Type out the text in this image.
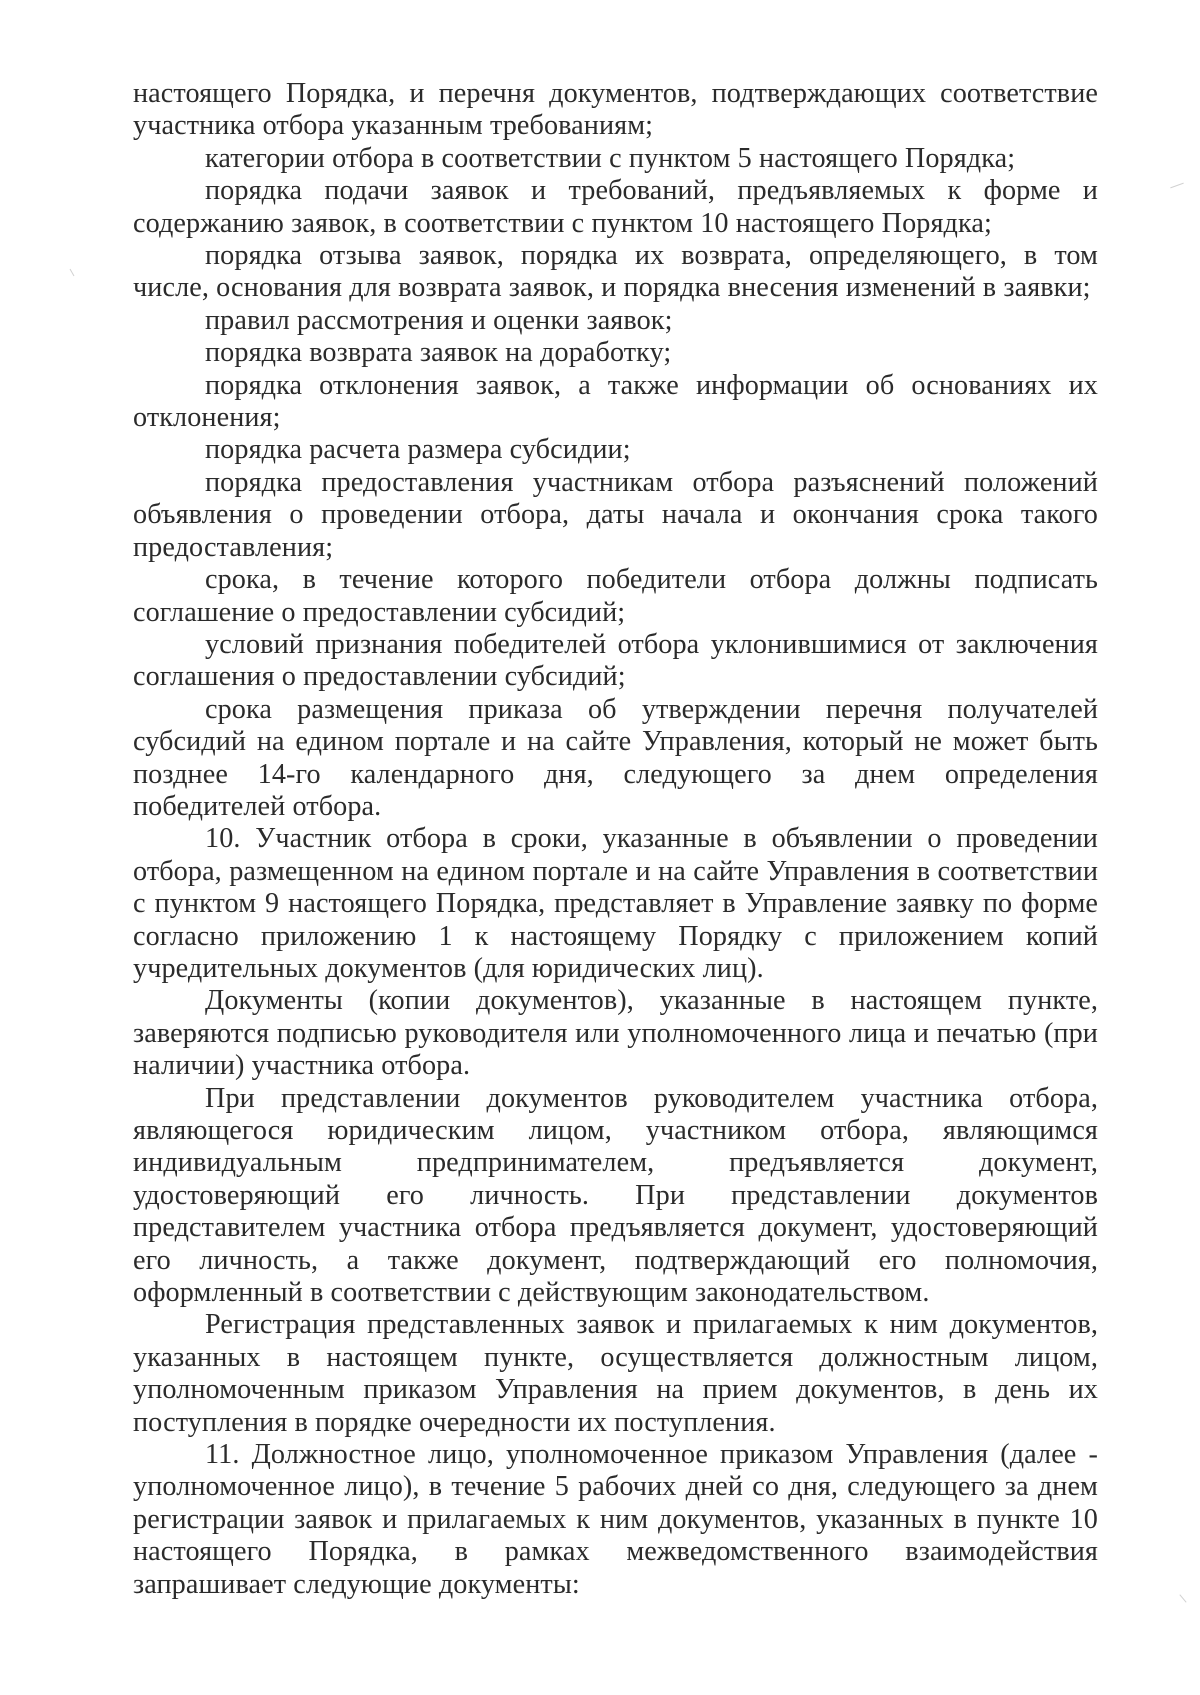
настоящего Порядка, и перечня документов, подтверждающих соответствие участника отбора указанным требованиям;

категории отбора в соответствии с пунктом 5 настоящего Порядка;

порядка подачи заявок и требований, предъявляемых к форме и содержанию заявок, в соответствии с пунктом 10 настоящего Порядка;

порядка отзыва заявок, порядка их возврата, определяющего, в том числе, основания для возврата заявок, и порядка внесения изменений в заявки;

правил рассмотрения и оценки заявок;

порядка возврата заявок на доработку;

порядка отклонения заявок, а также информации об основаниях их отклонения;

порядка расчета размера субсидии;

порядка предоставления участникам отбора разъяснений положений объявления о проведении отбора, даты начала и окончания срока такого предоставления;

срока, в течение которого победители отбора должны подписать соглашение о предоставлении субсидий;

условий признания победителей отбора уклонившимися от заключения соглашения о предоставлении субсидий;

срока размещения приказа об утверждении перечня получателей субсидий на едином портале и на сайте Управления, который не может быть позднее 14-го календарного дня, следующего за днем определения победителей отбора.

10. Участник отбора в сроки, указанные в объявлении о проведении отбора, размещенном на едином портале и на сайте Управления в соответствии с пунктом 9 настоящего Порядка, представляет в Управление заявку по форме согласно приложению 1 к настоящему Порядку с приложением копий учредительных документов (для юридических лиц).

Документы (копии документов), указанные в настоящем пункте, заверяются подписью руководителя или уполномоченного лица и печатью (при наличии) участника отбора.

При представлении документов руководителем участника отбора, являющегося юридическим лицом, участником отбора, являющимся индивидуальным предпринимателем, предъявляется документ, удостоверяющий его личность. При представлении документов представителем участника отбора предъявляется документ, удостоверяющий его личность, а также документ, подтверждающий его полномочия, оформленный в соответствии с действующим законодательством.

Регистрация представленных заявок и прилагаемых к ним документов, указанных в настоящем пункте, осуществляется должностным лицом, уполномоченным приказом Управления на прием документов, в день их поступления в порядке очередности их поступления.

11. Должностное лицо, уполномоченное приказом Управления (далее - уполномоченное лицо), в течение 5 рабочих дней со дня, следующего за днем регистрации заявок и прилагаемых к ним документов, указанных в пункте 10 настоящего Порядка, в рамках межведомственного взаимодействия запрашивает следующие документы:
